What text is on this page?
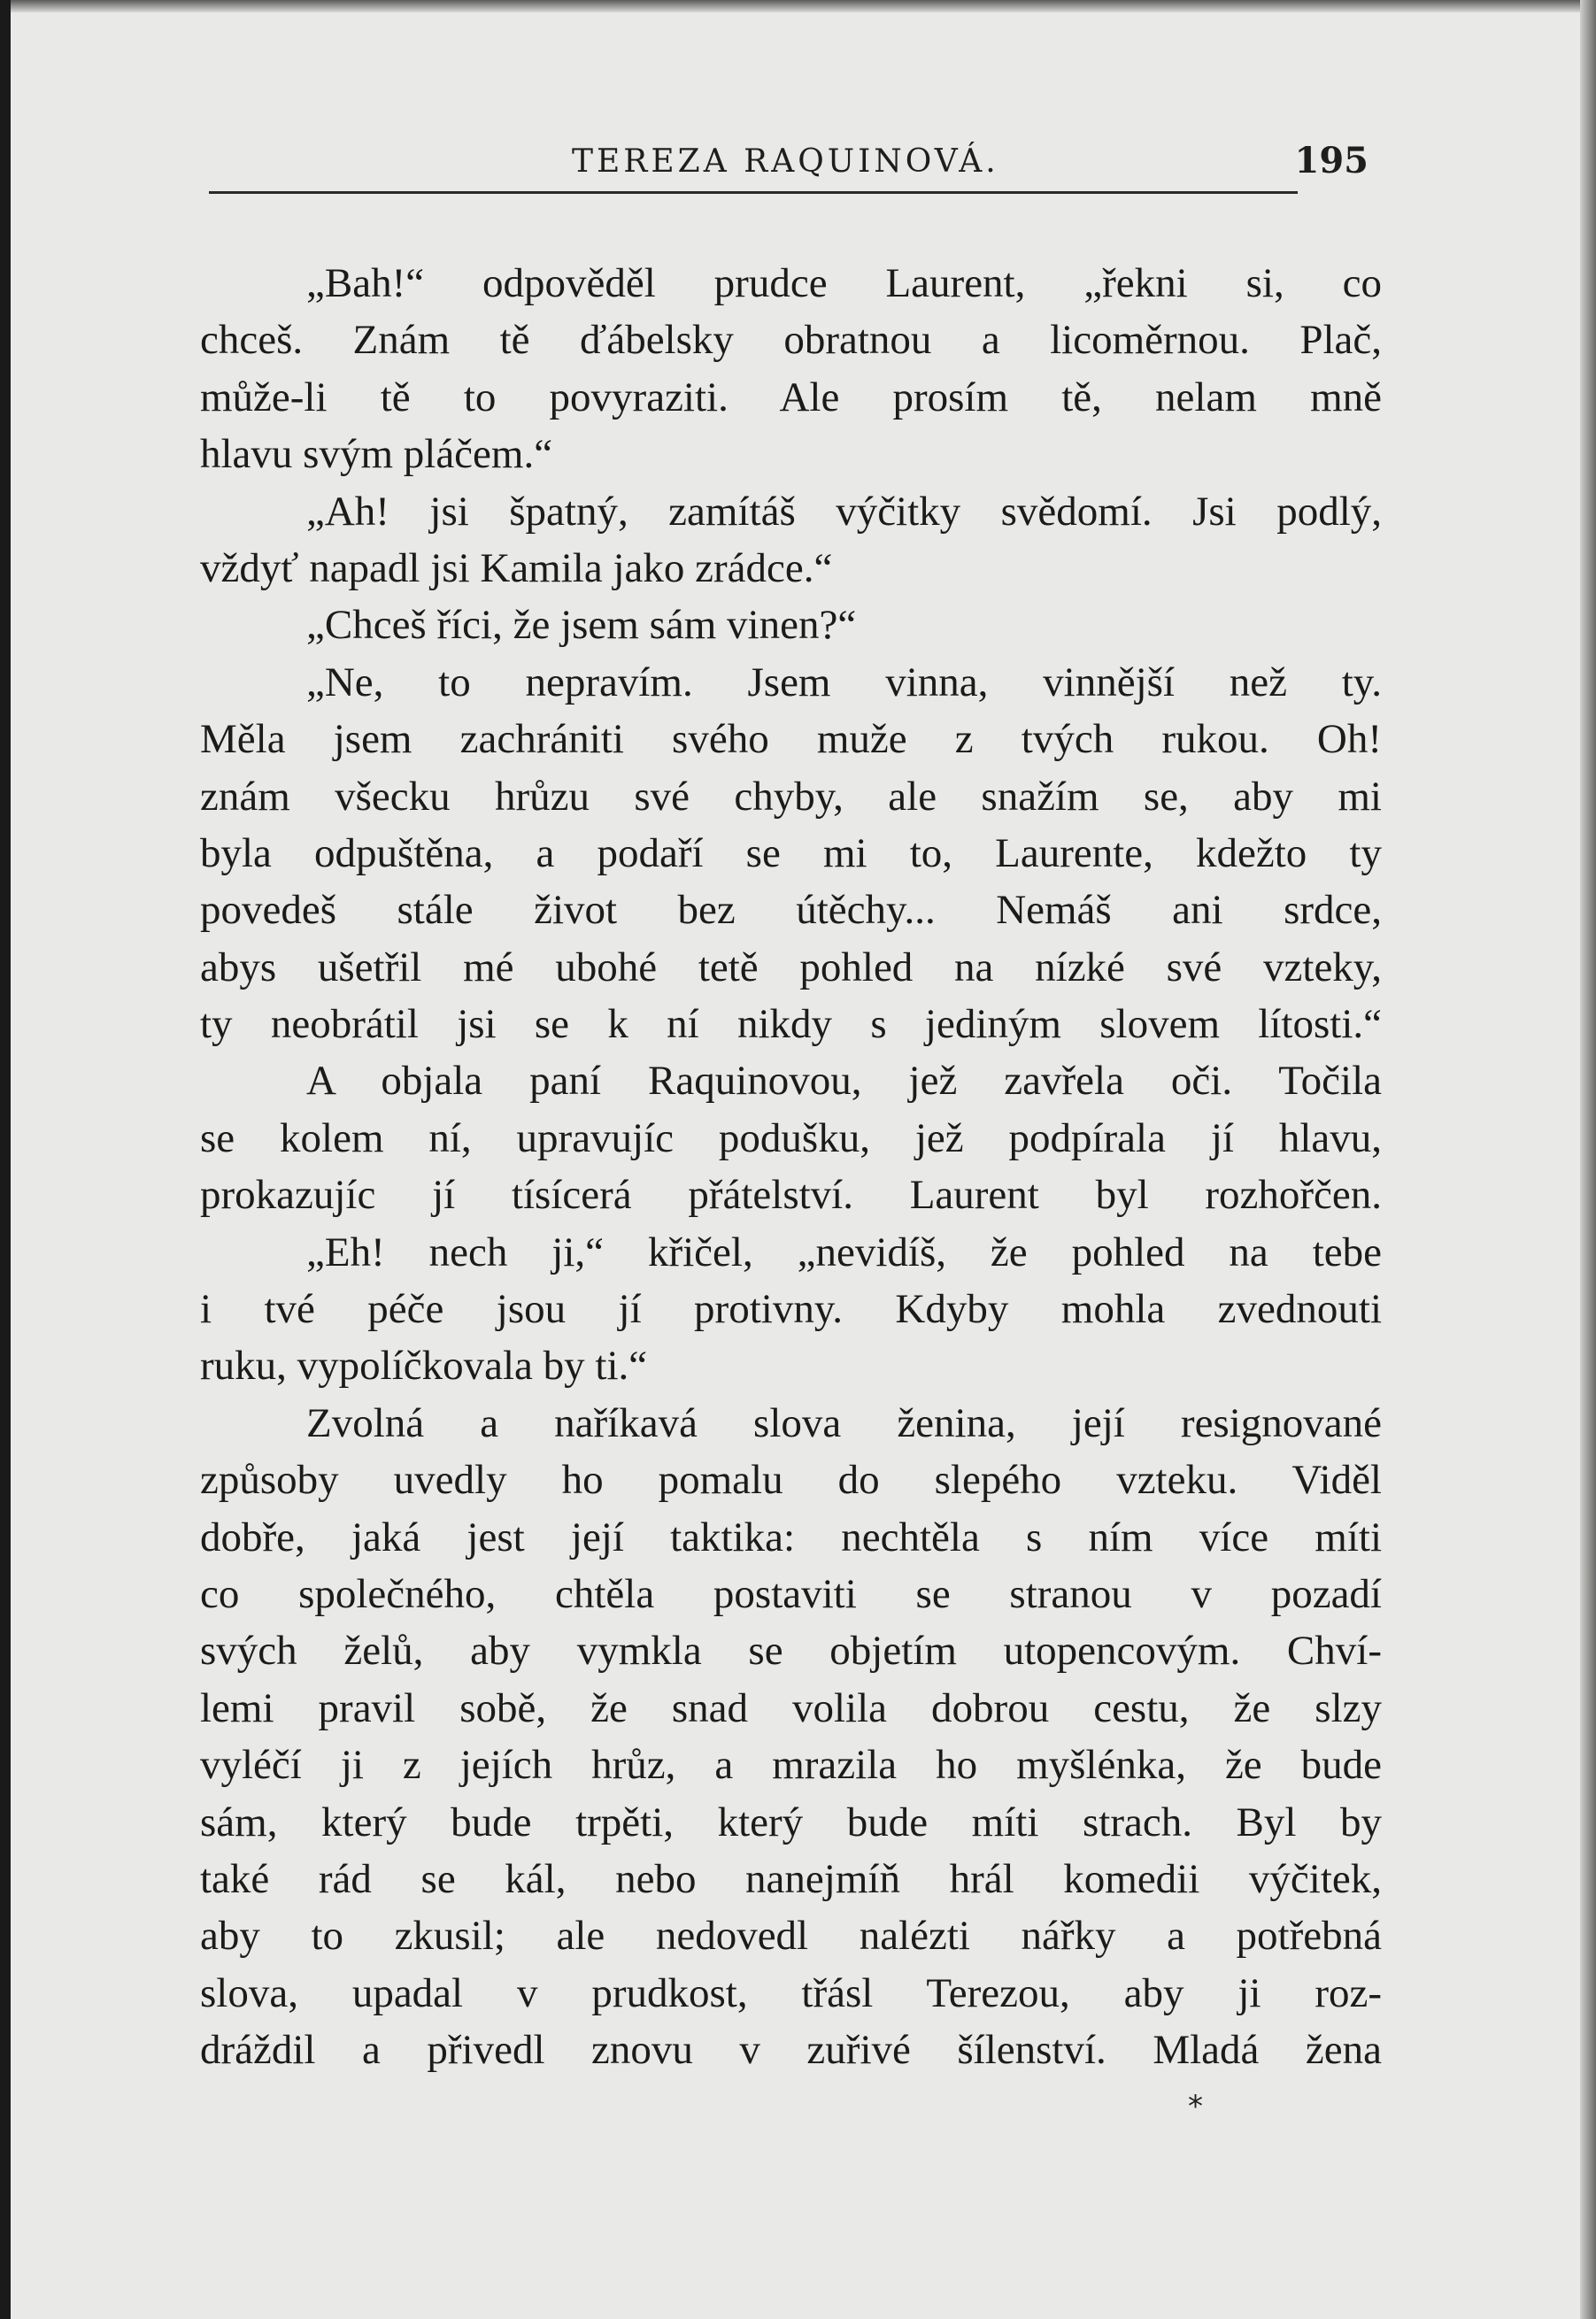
TEREZA RAQUINOVÁ.	195
„Bah!“ odpověděl prudce Laurent, „řekni si, co
chceš. Znám tě ďábelsky obratnou a licoměrnou. Plač,
může-li tě to povyraziti. Ale prosím tě, nelam mně
hlavu svým pláčem.“
„Ah! jsi špatný, zamítáš výčitky svědomí. Jsi podlý,
vždyť napadl jsi Kamila jako zrádce.“
„Chceš říci, že jsem sám vinen?“
„Ne, to nepravím. Jsem vinna, vinnější než ty.
Měla jsem zachrániti svého muže z tvých rukou. Oh!
znám všecku hrůzu své chyby, ale snažím se, aby mi
byla odpuštěna, a podaří se mi to, Laurente, kdežto ty
povedeš stále život bez útěchy... Nemáš ani srdce,
abys ušetřil mé ubohé tetě pohled na nízké své vzteky,
ty neobrátil jsi se k ní nikdy s jediným slovem lítosti.“
A objala paní Raquinovou, jež zavřela oči. Točila
se kolem ní, upravujíc podušku, jež podpírala jí hlavu,
prokazujíc jí tísícerá přátelství. Laurent byl rozhořčen.
„Eh! nech ji,“ křičel, „nevidíš, že pohled na tebe
i tvé péče jsou jí protivny. Kdyby mohla zvednouti
ruku, vypolíčkovala by ti.“
Zvolná a naříkavá slova ženina, její resignované
způsoby uvedly ho pomalu do slepého vzteku. Viděl
dobře, jaká jest její taktika: nechtěla s ním více míti
co společného, chtěla postaviti se stranou v pozadí
svých želů, aby vymkla se objetím utopencovým. Chví-
lemi pravil sobě, že snad volila dobrou cestu, že slzy
vyléčí ji z jejích hrůz, a mrazila ho myšlénka, že bude
sám, který bude trpěti, který bude míti strach. Byl by
také rád se kál, nebo nanejmíň hrál komedii výčitek,
aby to zkusil; ale nedovedl nalézti nářky a potřebná
slova, upadal v prudkost, třásl Terezou, aby ji roz-
dráždil a přivedl znovu v zuřivé šílenství. Mladá žena
*
